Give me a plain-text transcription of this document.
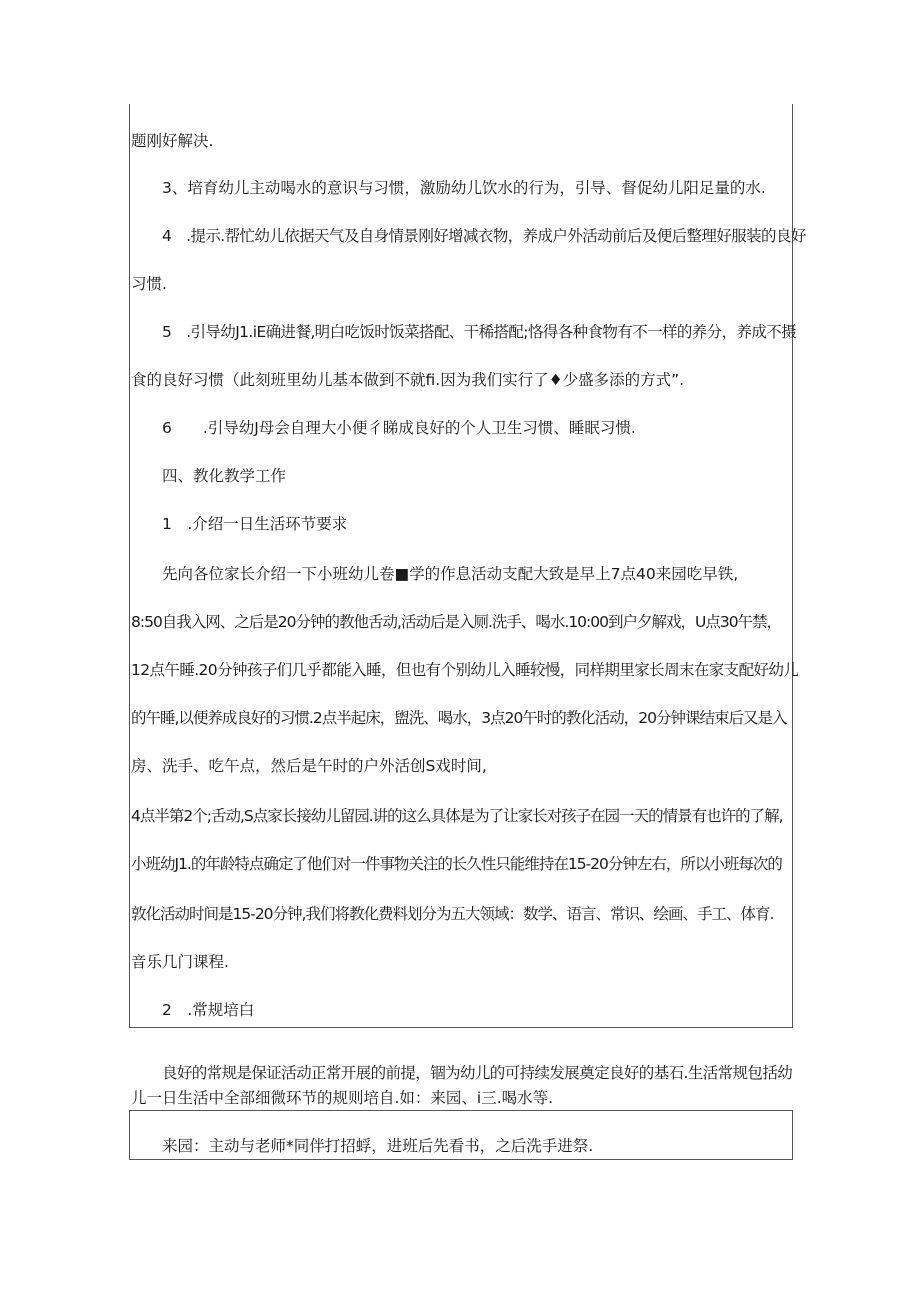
题刚好解决.
3、培育幼儿主动喝水的意识与习惯，激励幼儿饮水的行为，引导、督促幼儿阳足量的水.
4　.提示.帮忙幼儿依据天气及自身情景刚好增减衣物，养成户外活动前后及便后整理好服装的良好
习惯.
5　.引导幼J1.iE确进餐,明白吃饭时饭菜搭配、干稀搭配;恪得各种食物有不一样的养分，养成不摄
食的良好习惯（此刻班里幼儿基本做到不就fi.因为我们实行了♦少盛多添的方式”.
6　　.引导幼J母会自理大小便彳睇成良好的个人卫生习惯、睡眠习愦.
四、教化教学工作
1　.介绍一日生活环节要求
先向各位家长介绍一下小班幼儿卷■学的作息活动支配大致是早上7点40来园吃早铁,
8:50自我入网、之后是20分钟的教他舌动,活动后是入厕.洗手、喝水.10:00到户夕解戏，U点30午禁，
12点午睡.20分钟孩子们几乎都能入睡，但也有个别幼儿入睡较慢，同样期里家长周末在家支配好幼儿
的午睡,以便养成良好的习惯.2点半起床，盥洗、喝水，3点20午时的教化活动，20分钟课结束后又是入
房、洗手、吃午点，然后是午时的户外活创S戏时间,
4点半第2个;舌动,S点家长接幼儿留园.讲的这么具体是为了让家长对孩子在园一天的情景有也许的了解,
小班幼J1.的年龄特点确定了他们对一件事物关注的长久性只能维持在15-20分钟左右，所以小班每次的
敦化活动时间是15-20分钟,我们将教化费料划分为五大领域：数学、语言、常识、绘画、手工、体育.
音乐几门课程.
2　.常规培白
良好的常规是保证活动正常开展的前提，锢为幼儿的可持续发展奠定良好的基石.生活常规包括幼
儿一日生活中全部细微环节的规则培自.如：来园、i三.喝水等.
来园：主动与老师*同伴打招蜉，进班后先看书，之后洗手进祭.
